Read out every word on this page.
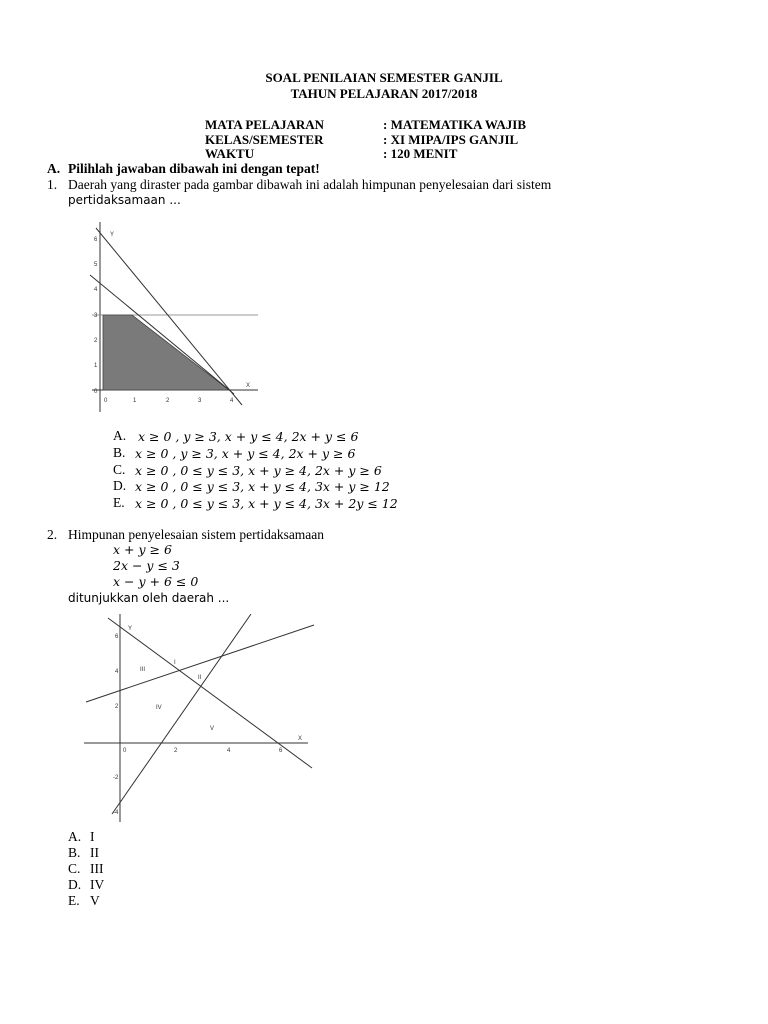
SOAL PENILAIAN SEMESTER GANJIL
TAHUN PELAJARAN 2017/2018
MATA PELAJARAN	: MATEMATIKA WAJIB
KELAS/SEMESTER	: XI MIPA/IPS GANJIL
WAKTU	: 120 MENIT
A. Pilihlah jawaban dibawah ini dengan tepat!
1. Daerah yang diraster pada gambar dibawah ini adalah himpunan penyelesaian dari sistem
pertidaksamaan ...
Y
X
0	1	2	3	4
0
1
2
3
4
5
6
A. x ≥ 0 , y ≥ 3, x + y ≤ 4, 2x + y ≤ 6
B. x ≥ 0 , y ≥ 3, x + y ≤ 4, 2x + y ≥ 6
C. x ≥ 0 , 0 ≤ y ≤ 3, x + y ≥ 4, 2x + y ≥ 6
D. x ≥ 0 , 0 ≤ y ≤ 3, x + y ≤ 4, 3x + y ≥ 12
E. x ≥ 0 , 0 ≤ y ≤ 3, x + y ≤ 4, 3x + 2y ≤ 12
2. Himpunan penyelesaian sistem pertidaksamaan
x + y ≥ 6
2x − y ≤ 3
x − y + 6 ≤ 0
ditunjukkan oleh daerah ...
I
II
III
IV
V
Y
X
0	2	4	6
6
4
2
-2
-4
A. I
B. II
C. III
D. IV
E. V
